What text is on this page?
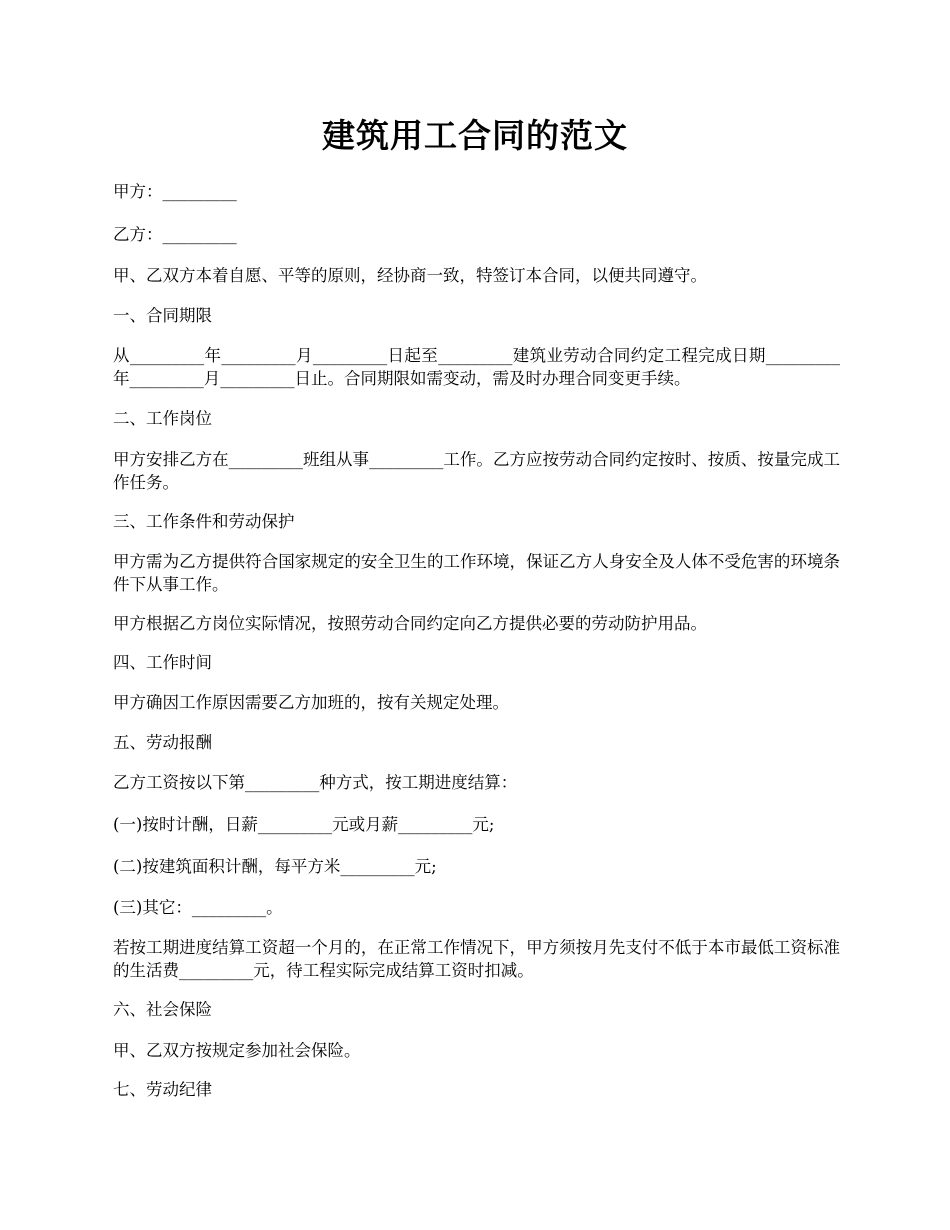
建筑用工合同的范文
甲方：_________
乙方：_________
甲、乙双方本着自愿、平等的原则，经协商一致，特签订本合同，以便共同遵守。
一、合同期限
从_________年_________月_________日起至_________建筑业劳动合同约定工程完成日期_________年_________月_________日止。合同期限如需变动，需及时办理合同变更手续。
二、工作岗位
甲方安排乙方在_________班组从事_________工作。乙方应按劳动合同约定按时、按质、按量完成工作任务。
三、工作条件和劳动保护
甲方需为乙方提供符合国家规定的安全卫生的工作环境，保证乙方人身安全及人体不受危害的环境条件下从事工作。
甲方根据乙方岗位实际情况，按照劳动合同约定向乙方提供必要的劳动防护用品。
四、工作时间
甲方确因工作原因需要乙方加班的，按有关规定处理。
五、劳动报酬
乙方工资按以下第_________种方式，按工期进度结算：
(一)按时计酬，日薪_________元或月薪_________元;
(二)按建筑面积计酬，每平方米_________元;
(三)其它：_________。
若按工期进度结算工资超一个月的，在正常工作情况下，甲方须按月先支付不低于本市最低工资标准的生活费_________元，待工程实际完成结算工资时扣减。
六、社会保险
甲、乙双方按规定参加社会保险。
七、劳动纪律
